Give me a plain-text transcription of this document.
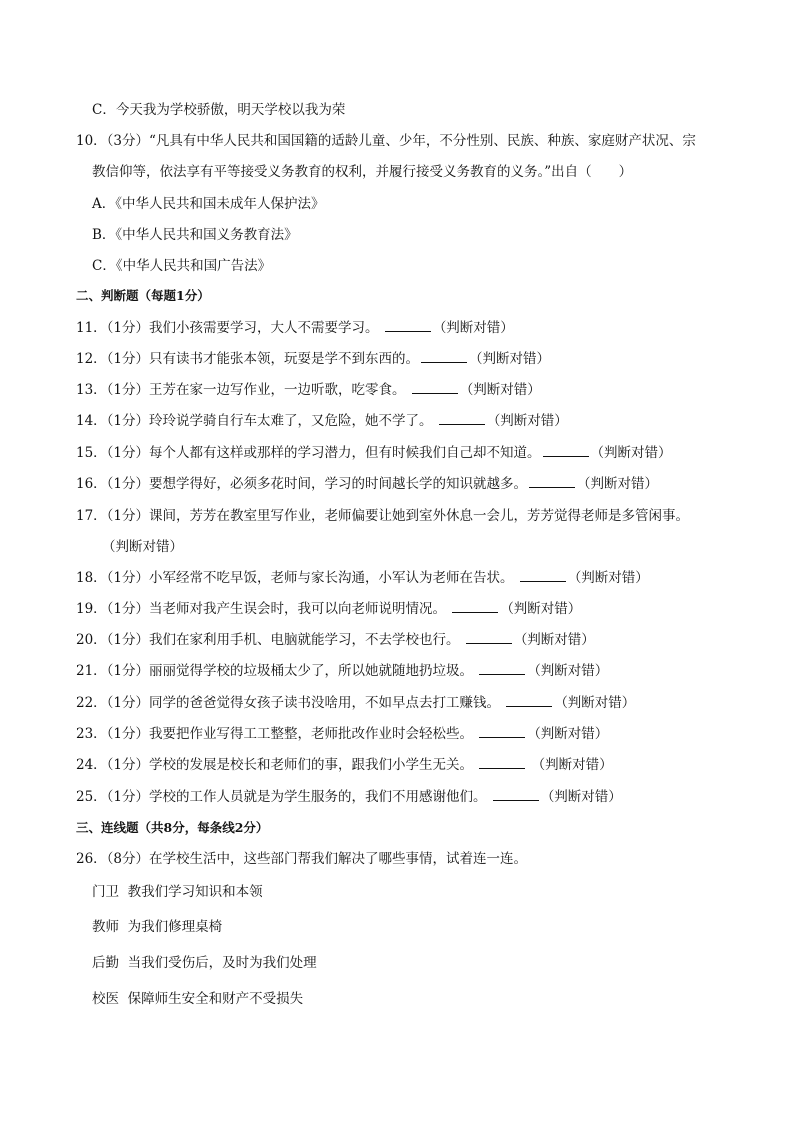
C．今天我为学校骄傲，明天学校以我为荣
10．（3分）“凡具有中华人民共和国国籍的适龄儿童、少年，不分性别、民族、种族、家庭财产状况、宗
教信仰等，依法享有平等接受义务教育的权利，并履行接受义务教育的义务。”出自（　　）
A．《中华人民共和国未成年人保护法》
B．《中华人民共和国义务教育法》
C．《中华人民共和国广告法》
二、判断题（每题1分）
11．（1分）我们小孩需要学习，大人不需要学习。	（判断对错）
12．（1分）只有读书才能张本领，玩耍是学不到东西的。	（判断对错）
13．（1分）王芳在家一边写作业，一边听歌，吃零食。	（判断对错）
14．（1分）玲玲说学骑自行车太难了，又危险，她不学了。	（判断对错）
15．（1分）每个人都有这样或那样的学习潜力，但有时候我们自己却不知道。	（判断对错）
16．（1分）要想学得好，必须多花时间，学习的时间越长学的知识就越多。	（判断对错）
17．（1分）课间，芳芳在教室里写作业，老师偏要让她到室外休息一会儿，芳芳觉得老师是多管闲事。
（判断对错）
18．（1分）小军经常不吃早饭，老师与家长沟通，小军认为老师在告状。	（判断对错）
19．（1分）当老师对我产生误会时，我可以向老师说明情况。	（判断对错）
20．（1分）我们在家利用手机、电脑就能学习，不去学校也行。	（判断对错）
21．（1分）丽丽觉得学校的垃圾桶太少了，所以她就随地扔垃圾。	（判断对错）
22．（1分）同学的爸爸觉得女孩子读书没啥用，不如早点去打工赚钱。	（判断对错）
23．（1分）我要把作业写得工工整整，老师批改作业时会轻松些。	（判断对错）
24．（1分）学校的发展是校长和老师们的事，跟我们小学生无关。	（判断对错）
25．（1分）学校的工作人员就是为学生服务的，我们不用感谢他们。	（判断对错）
三、连线题（共8分，每条线2分）
26．（8分）在学校生活中，这些部门帮我们解决了哪些事情，试着连一连。
门卫 教我们学习知识和本领
教师 为我们修理桌椅
后勤 当我们受伤后，及时为我们处理
校医 保障师生安全和财产不受损失
